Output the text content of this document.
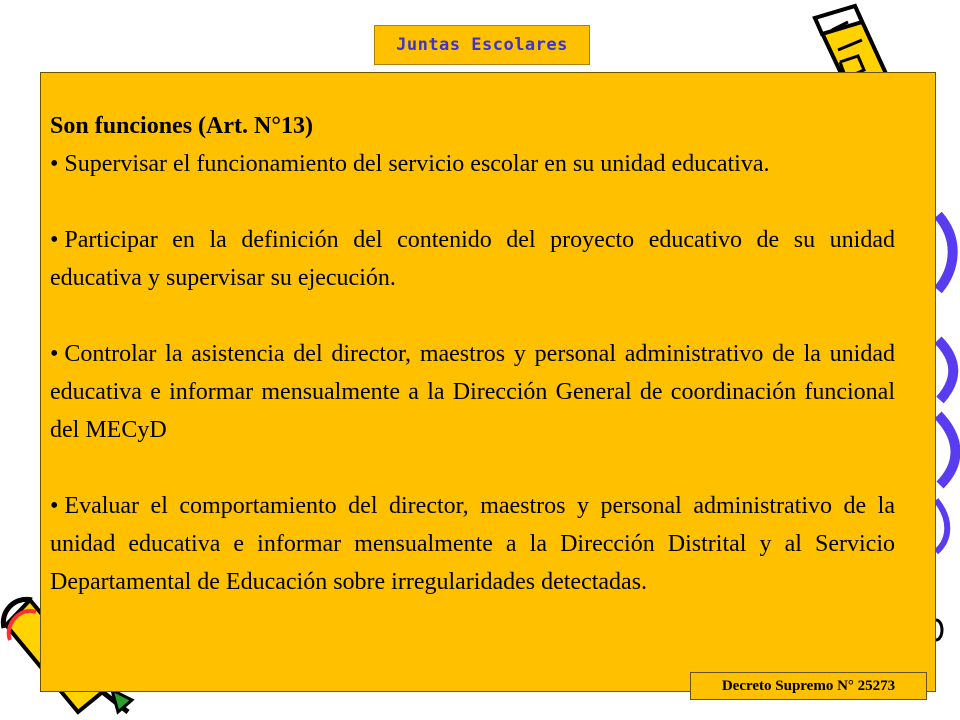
Juntas Escolares

Son funciones (Art. N°13)

• Supervisar el funcionamiento del servicio escolar en su unidad educativa.

• Participar en la definición del contenido del proyecto educativo de su unidad educativa y supervisar su ejecución.

• Controlar la asistencia del director, maestros y personal administrativo de la unidad educativa e informar mensualmente a la Dirección General de coordinación funcional del MECyD

• Evaluar el comportamiento del director, maestros y personal administrativo de la unidad educativa e informar mensualmente a la Dirección Distrital y al Servicio Departamental de Educación sobre irregularidades detectadas.

Decreto Supremo N° 25273
